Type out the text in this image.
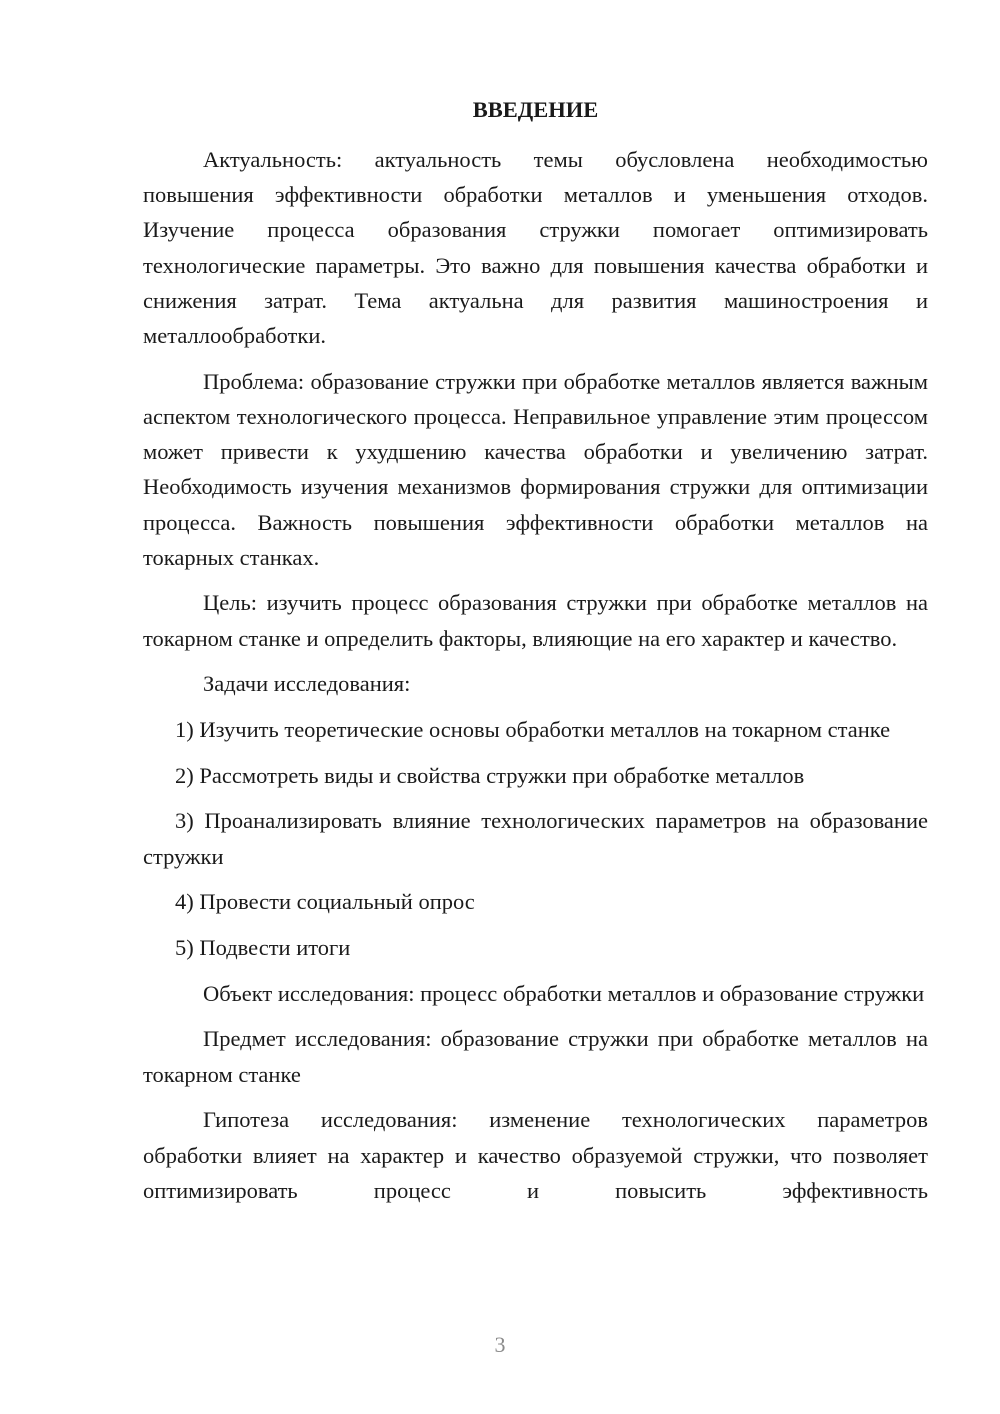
ВВЕДЕНИЕ

Актуальность: актуальность темы обусловлена необходимостью повышения эффективности обработки металлов и уменьшения отходов. Изучение процесса образования стружки помогает оптимизировать технологические параметры. Это важно для повышения качества обработки и снижения затрат. Тема актуальна для развития машиностроения и металлообработки.

Проблема: образование стружки при обработке металлов является важным аспектом технологического процесса. Неправильное управление этим процессом может привести к ухудшению качества обработки и увеличению затрат. Необходимость изучения механизмов формирования стружки для оптимизации процесса. Важность повышения эффективности обработки металлов на токарных станках.

Цель: изучить процесс образования стружки при обработке металлов на токарном станке и определить факторы, влияющие на его характер и качество.

Задачи исследования:

1) Изучить теоретические основы обработки металлов на токарном станке

2) Рассмотреть виды и свойства стружки при обработке металлов

3) Проанализировать влияние технологических параметров на образование стружки

4) Провести социальный опрос

5) Подвести итоги

Объект исследования: процесс обработки металлов и образование стружки

Предмет исследования: образование стружки при обработке металлов на токарном станке

Гипотеза исследования: изменение технологических параметров обработки влияет на характер и качество образуемой стружки, что позволяет оптимизировать процесс и повысить эффективность

3
